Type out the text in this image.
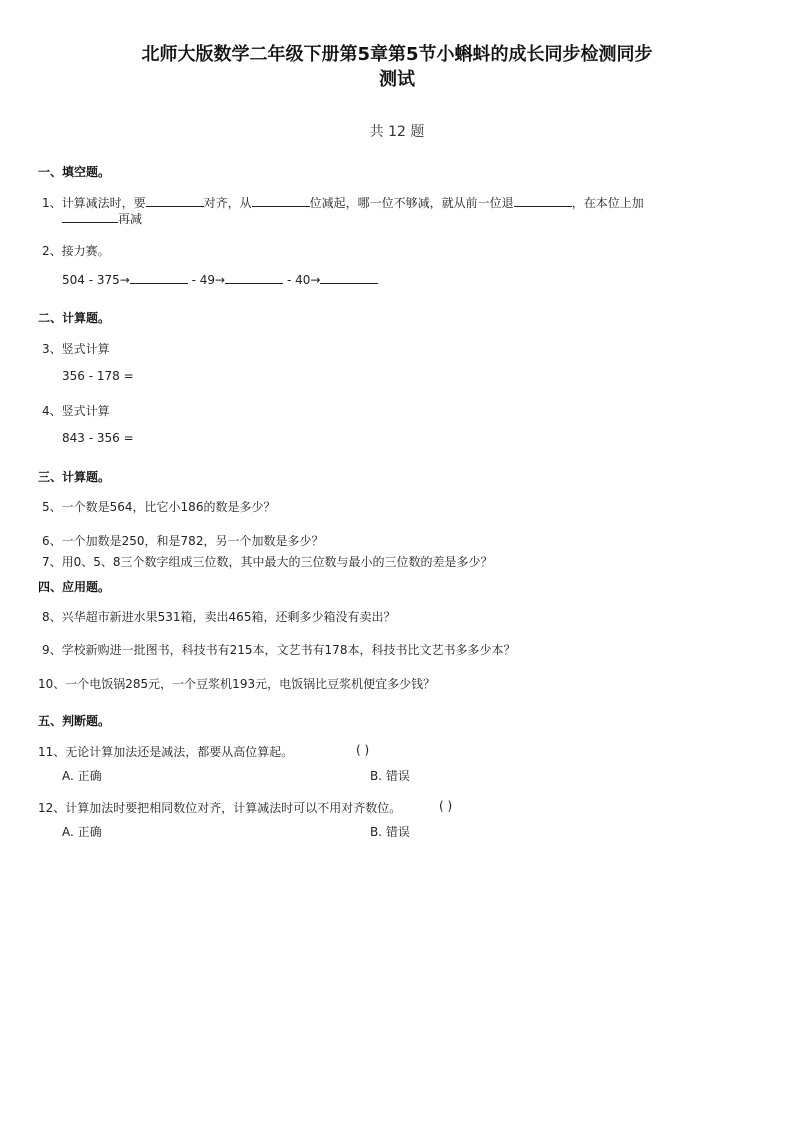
北师大版数学二年级下册第5章第5节小蝌蚪的成长同步检测同步
测试
共 12 题
一、填空题。
1、计算减法时，要	对齐，从	位减起，哪一位不够减，就从前一位退	，在本位上加
再减
2、接力赛。
504 - 375→	- 49→	- 40→
二、计算题。
3、竖式计算
356 - 178 =
4、竖式计算
843 - 356 =
三、计算题。
5、一个数是564，比它小186的数是多少？
6、一个加数是250，和是782，另一个加数是多少？
7、用0、5、8三个数字组成三位数，其中最大的三位数与最小的三位数的差是多少？
四、应用题。
8、兴华超市新进水果531箱，卖出465箱，还剩多少箱没有卖出？
9、学校新购进一批图书，科技书有215本，文艺书有178本，科技书比文艺书多多少本？
10、一个电饭锅285元，一个豆浆机193元，电饭锅比豆浆机便宜多少钱？
五、判断题。
11、无论计算加法还是减法，都要从高位算起。	( )
A. 正确	B. 错误
12、计算加法时要把相同数位对齐，计算减法时可以不用对齐数位。	( )
A. 正确	B. 错误
